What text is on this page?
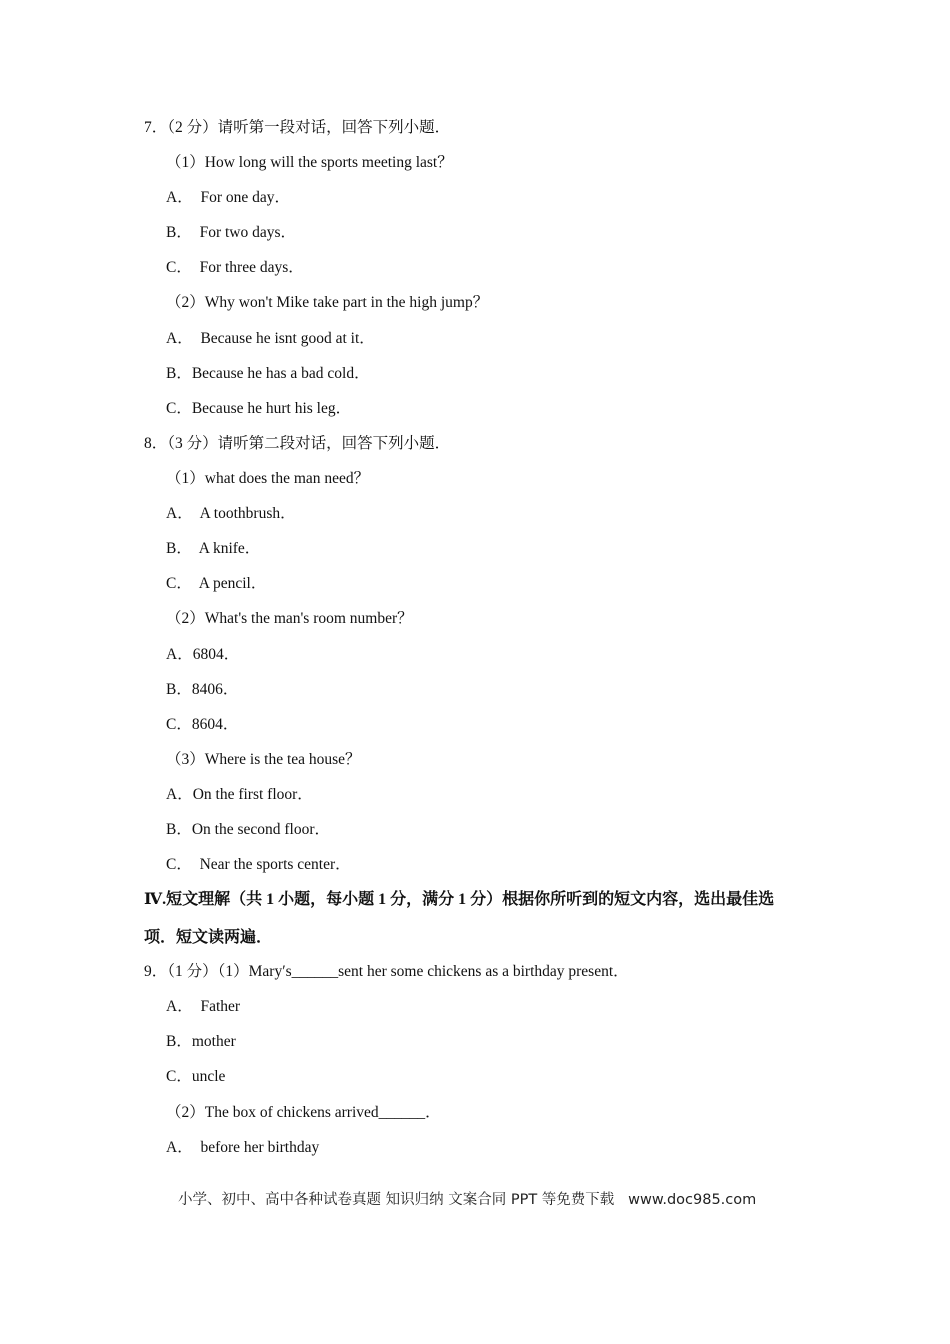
7．（2 分）请听第一段对话，回答下列小题．
（1）How long will the sports meeting last？
A．  For one day．
B．  For two days．
C．  For three days．
（2）Why won't Mike take part in the high jump？
A．  Because he isnt good at it．
B．Because he has a bad cold．
C．Because he hurt his leg．
8．（3 分）请听第二段对话，回答下列小题．
（1）what does the man need？
A．  A toothbrush．
B．  A knife．
C．  A pencil．
（2）What's the man's room number？
A．6804．
B．8406．
C．8604．
（3）Where is the tea house？
A．On the first floor．
B．On the second floor．
C．  Near the sports center．
Ⅳ.短文理解（共 1 小题，每小题 1 分，满分 1 分）根据你所听到的短文内容，选出最佳选
项．短文读两遍．
9．（1 分）（1）Mary′s______sent her some chickens as a birthday present．
A．  Father
B．mother
C．uncle
（2）The box of chickens arrived______．
A．  before her birthday
小学、初中、高中各种试卷真题 知识归纳 文案合同 PPT 等免费下载   www.doc985.com
